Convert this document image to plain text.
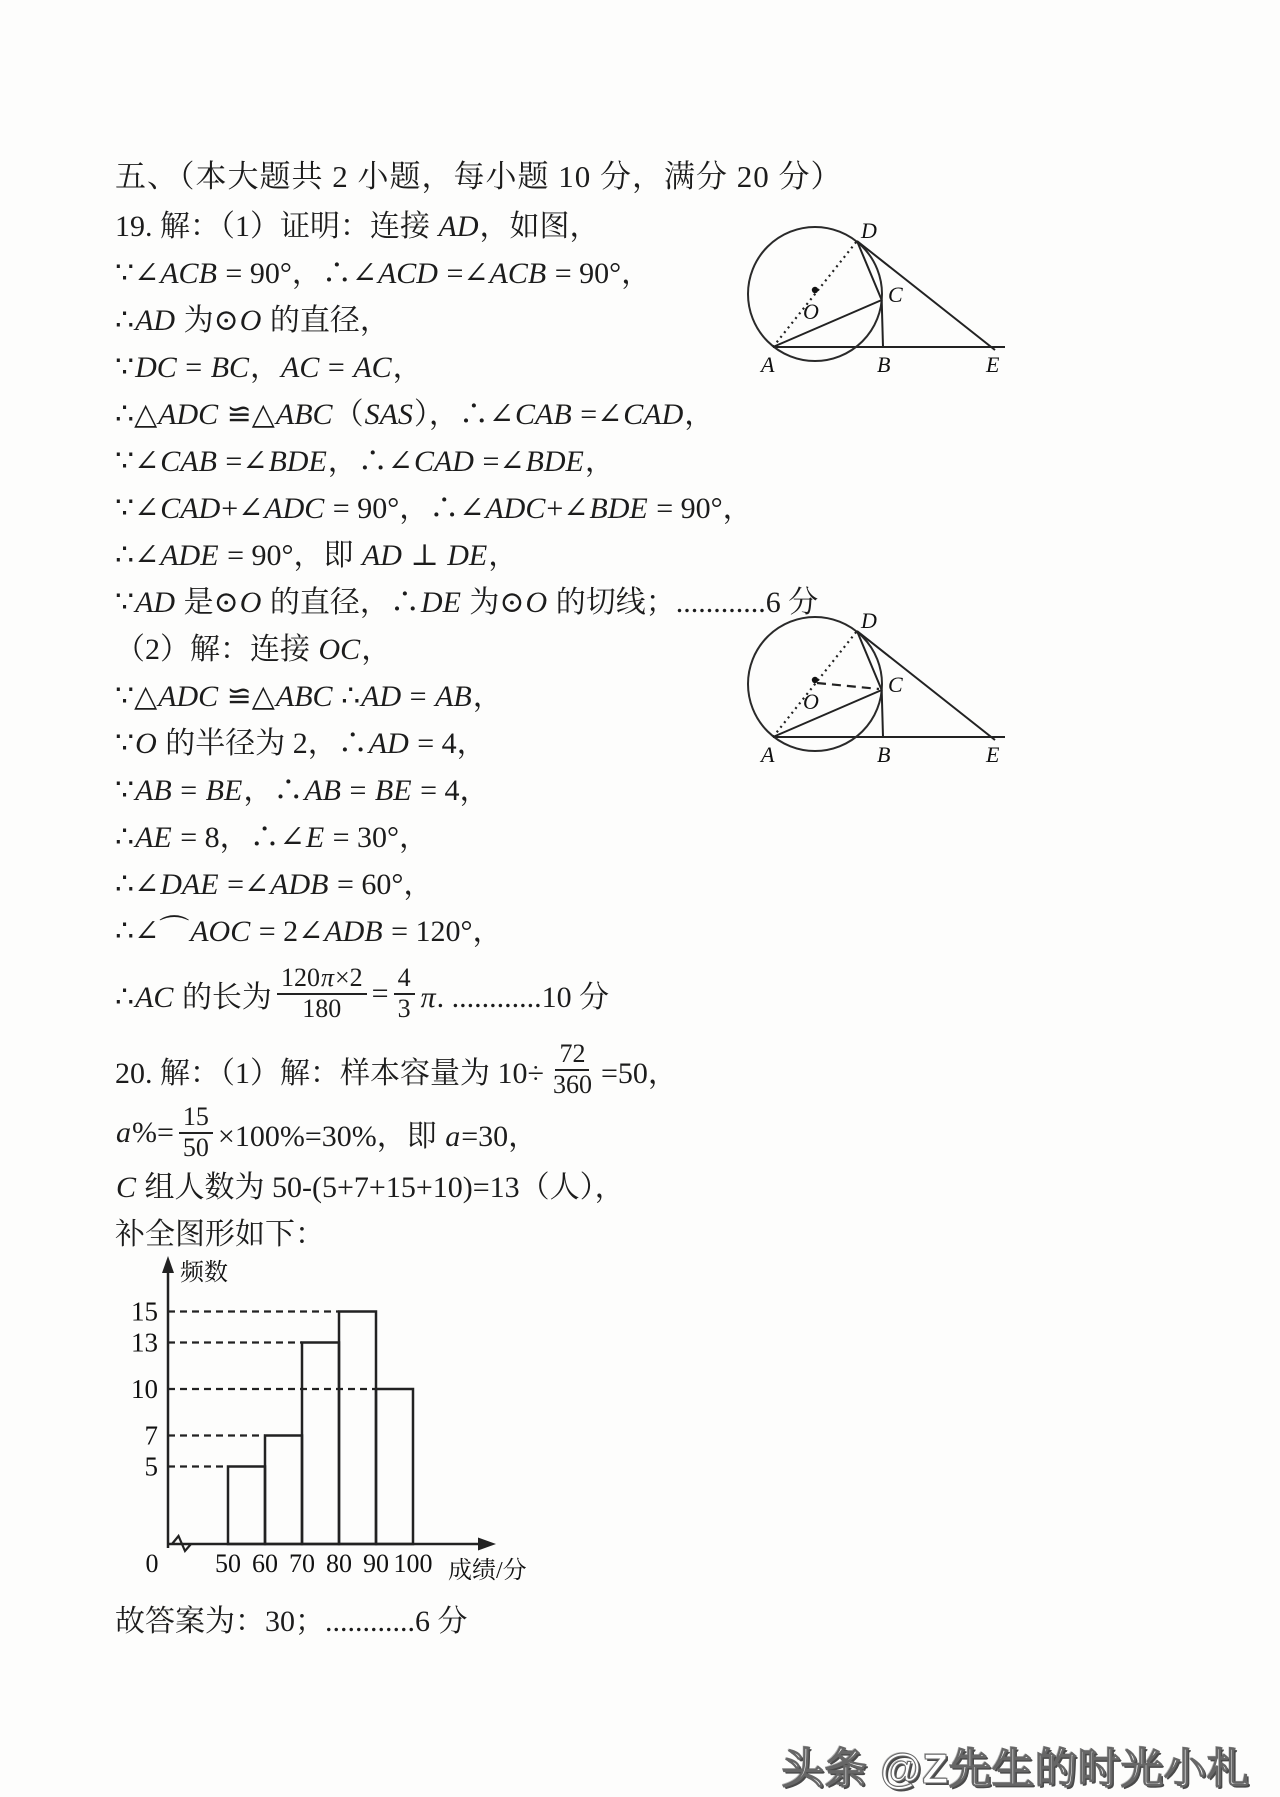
五、（本大题共 2 小题，每小题 10 分，满分 20 分）
19. 解：（1）证明：连接 AD，如图，
∵∠ACB = 90°，∴∠ACD =∠ACB = 90°，
∴AD 为⊙O 的直径，
∵DC = BC，AC = AC，
∴△ADC ≌△ABC（SAS），∴∠CAB =∠CAD，
∵∠CAB =∠BDE，∴∠CAD =∠BDE，
∵∠CAD+∠ADC = 90°，∴∠ADC+∠BDE = 90°，
∴∠ADE = 90°，即 AD ⊥ DE，
∵AD 是⊙O 的直径，∴DE 为⊙O 的切线；............6 分
（2）解：连接 OC，
∵△ADC ≌△ABC ∴AD = AB，
∵O 的半径为 2，∴AD = 4，
∵AB = BE，∴AB = BE = 4，
∴AE = 8，∴∠E = 30°，
∴∠DAE =∠ADB = 60°，
∴∠⌒AOC = 2∠ADB = 120°，
∴AC 的长为 $\frac{120\pi\times 2}{180} = \frac{4}{3} \pi$. ............10 分
20. 解：（1）解：样本容量为 $10\div \frac{72}{360} =50$，
$a\%= \frac{15}{50} \times 100\%=30\%$，即 a=30，
C 组人数为 50-(5+7+15+10)=13（人），
补全图形如下：
A	B	E
D
C
O
A	B	E
D
C
O
5
7
10
13
15
50 60 70 80 90 100
0
频数
成绩/分
故答案为：30；............6 分
头条 @Z先生的时光小札
